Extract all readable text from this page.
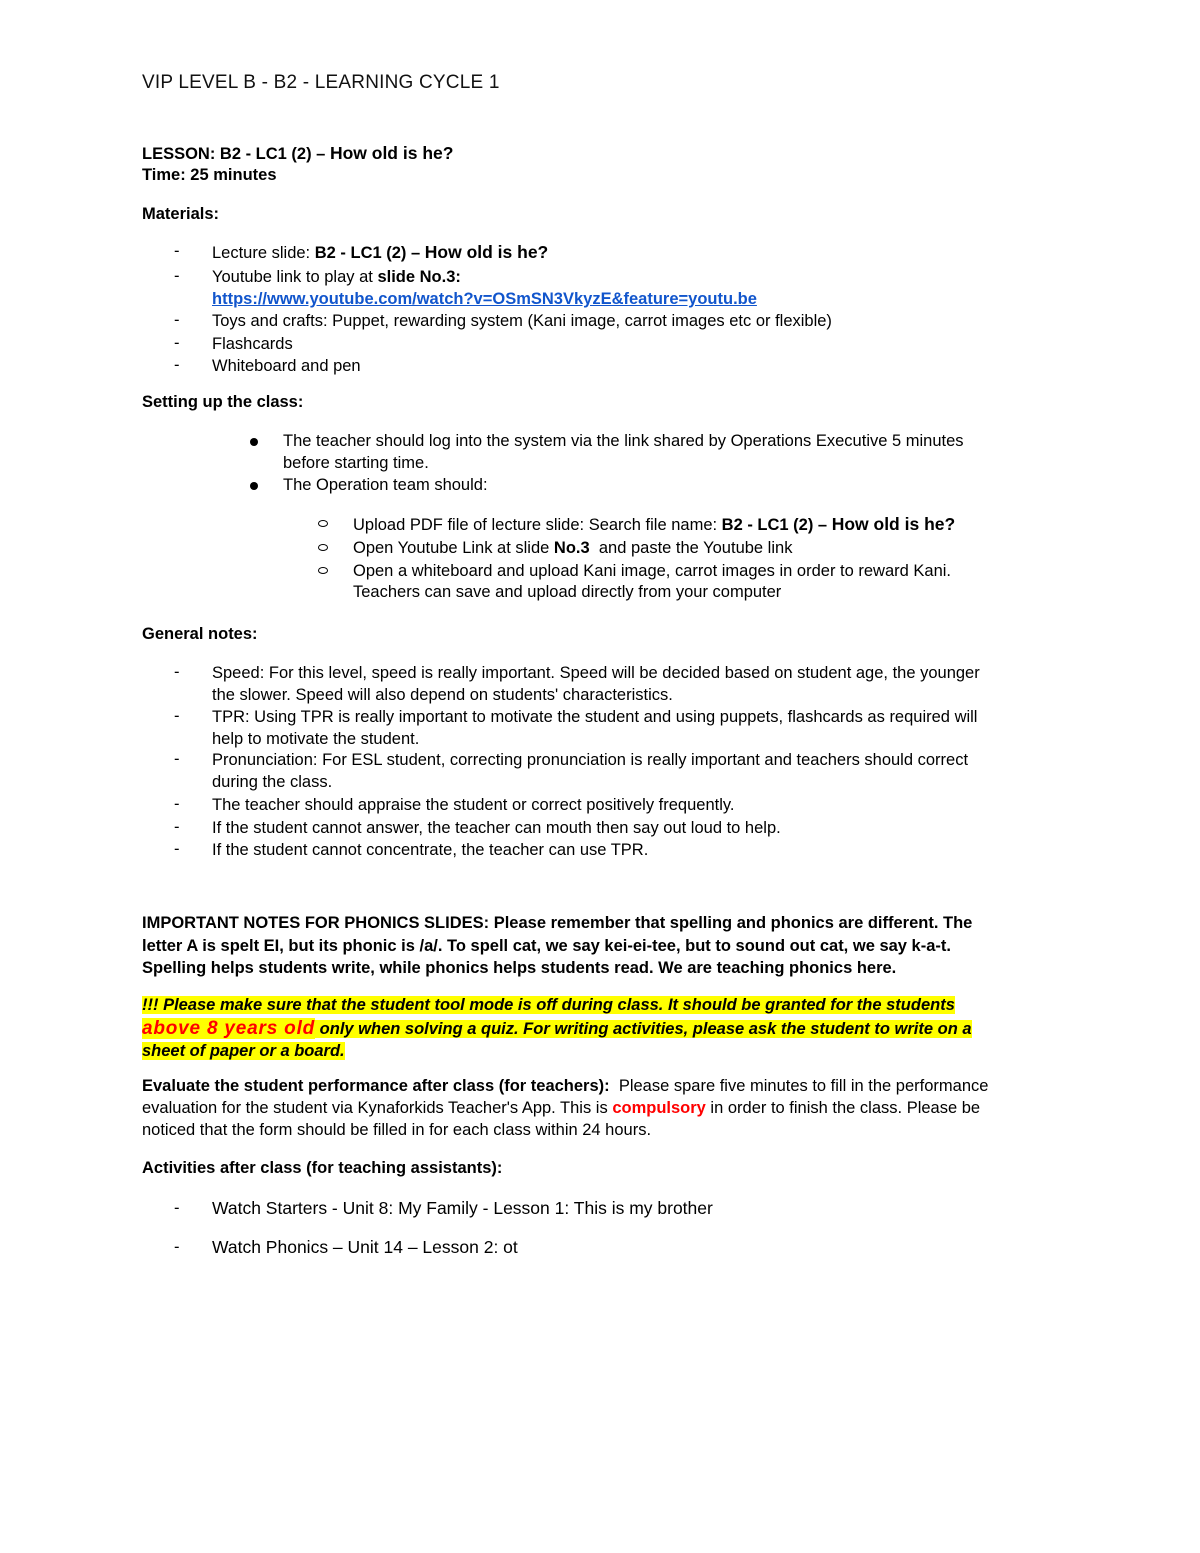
VIP LEVEL B - B2 - LEARNING CYCLE 1
LESSON: B2 - LC1 (2) – How old is he?
Time: 25 minutes
Materials:
- Lecture slide: B2 - LC1 (2) – How old is he?
- Youtube link to play at slide No.3:
https://www.youtube.com/watch?v=OSmSN3VkyzE&feature=youtu.be
- Toys and crafts: Puppet, rewarding system (Kani image, carrot images etc or flexible)
- Flashcards
- Whiteboard and pen
Setting up the class:
The teacher should log into the system via the link shared by Operations Executive 5 minutes
before starting time.
The Operation team should:
Upload PDF file of lecture slide: Search file name: B2 - LC1 (2) – How old is he?
Open Youtube Link at slide No.3  and paste the Youtube link
Open a whiteboard and upload Kani image, carrot images in order to reward Kani.
Teachers can save and upload directly from your computer
General notes:
- Speed: For this level, speed is really important. Speed will be decided based on student age, the younger
the slower. Speed will also depend on students' characteristics.
- TPR: Using TPR is really important to motivate the student and using puppets, flashcards as required will
help to motivate the student.
- Pronunciation: For ESL student, correcting pronunciation is really important and teachers should correct
during the class.
- The teacher should appraise the student or correct positively frequently.
- If the student cannot answer, the teacher can mouth then say out loud to help.
- If the student cannot concentrate, the teacher can use TPR.
IMPORTANT NOTES FOR PHONICS SLIDES: Please remember that spelling and phonics are different. The
letter A is spelt EI, but its phonic is /a/. To spell cat, we say kei-ei-tee, but to sound out cat, we say k-a-t.
Spelling helps students write, while phonics helps students read. We are teaching phonics here.
!!! Please make sure that the student tool mode is off during class. It should be granted for the students
above 8 years old only when solving a quiz. For writing activities, please ask the student to write on a
sheet of paper or a board.
Evaluate the student performance after class (for teachers):  Please spare five minutes to fill in the performance
evaluation for the student via Kynaforkids Teacher's App. This is compulsory in order to finish the class. Please be
noticed that the form should be filled in for each class within 24 hours.
Activities after class (for teaching assistants):
- Watch Starters - Unit 8: My Family - Lesson 1: This is my brother
- Watch Phonics – Unit 14 – Lesson 2: ot
